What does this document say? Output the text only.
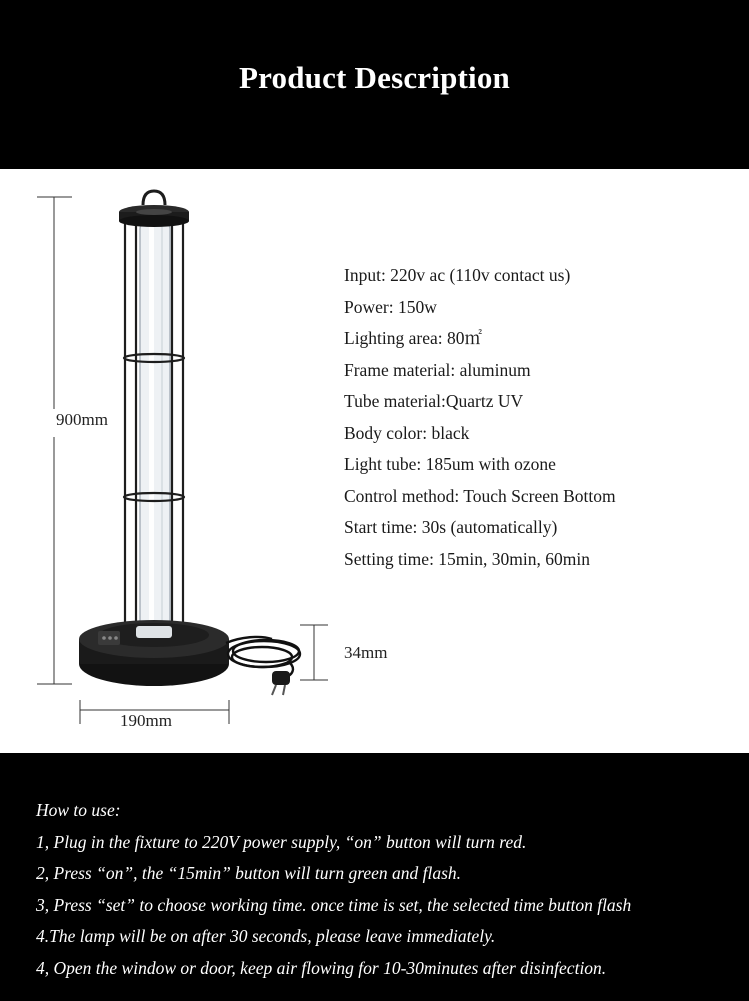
Product Description
900mm
190mm
34mm
Input: 220v ac (110v contact us)
Power: 150w
Lighting area: 80㎡
Frame material: aluminum
Tube material:Quartz UV
Body color: black
Light tube: 185um with ozone
Control method: Touch Screen Bottom
Start time: 30s (automatically)
Setting time: 15min, 30min, 60min
How to use:
1, Plug in the fixture to 220V power supply, “on” button will turn red.
2, Press “on”, the “15min” button will turn green and flash.
3, Press “set” to choose working time. once time is set, the selected time button flash
4.The lamp will be on after 30 seconds, please leave immediately.
4, Open the window or door, keep air flowing for 10-30minutes after disinfection.
